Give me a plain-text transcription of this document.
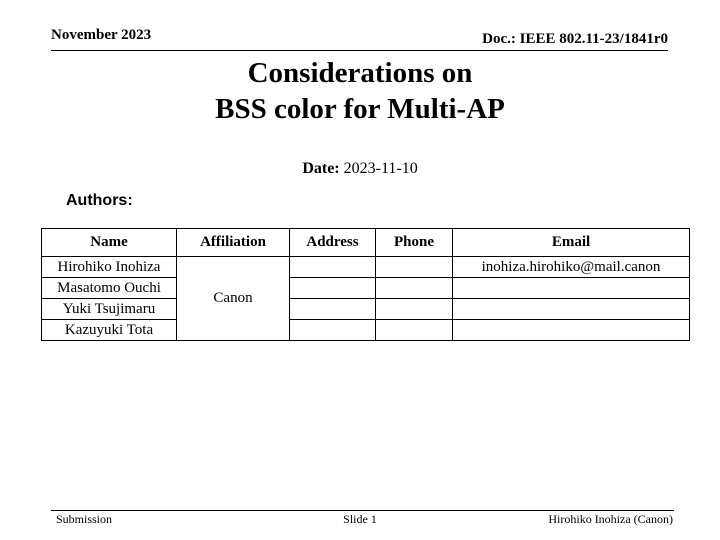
November 2023	Doc.: IEEE 802.11-23/1841r0
Considerations on
BSS color for Multi-AP
Date: 2023-11-10
Authors:
Name	Affiliation	Address	Phone	Email
Hirohiko Inohiza	Canon			inohiza.hirohiko@mail.canon
Masatomo Ouchi				
Yuki Tsujimaru				
Kazuyuki Tota				
Submission	Slide 1	Hirohiko Inohiza (Canon)
